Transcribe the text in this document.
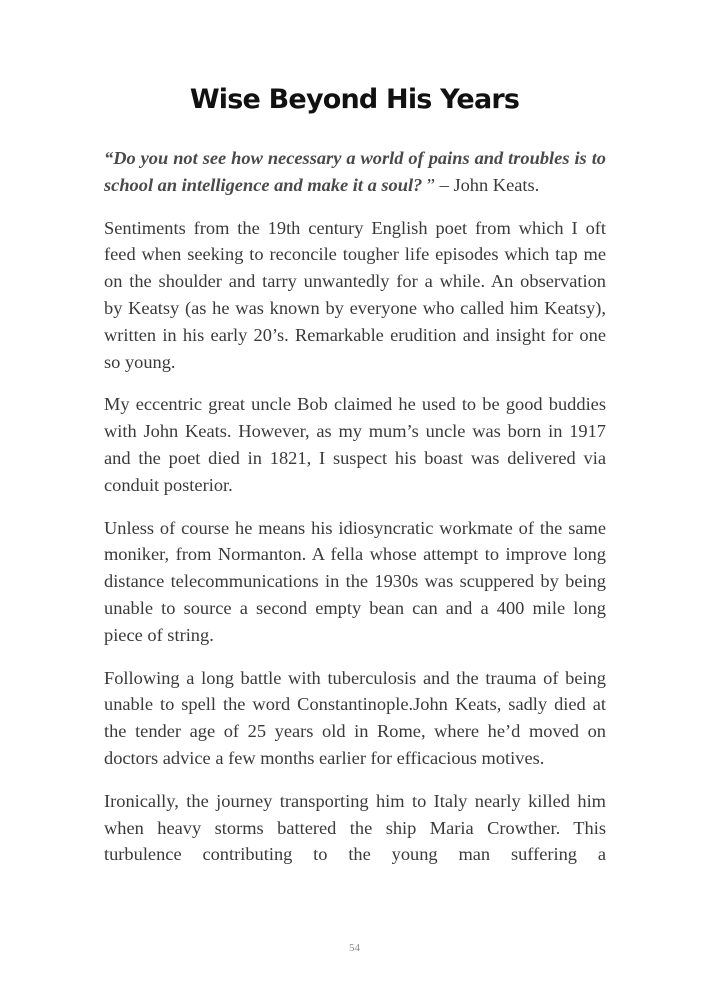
Wise Beyond His Years

“Do you not see how necessary a world of pains and troubles is to school an intelligence and make it a soul? ” – John Keats.

Sentiments from the 19th century English poet from which I oft feed when seeking to reconcile tougher life episodes which tap me on the shoulder and tarry unwantedly for a while. An observation by Keatsy (as he was known by everyone who called him Keatsy), written in his early 20’s. Remarkable erudition and insight for one so young.

My eccentric great uncle Bob claimed he used to be good buddies with John Keats. However, as my mum’s uncle was born in 1917 and the poet died in 1821, I suspect his boast was delivered via conduit posterior.

Unless of course he means his idiosyncratic workmate of the same moniker, from Normanton. A fella whose attempt to improve long distance telecommunications in the 1930s was scuppered by being unable to source a second empty bean can and a 400 mile long piece of string.

Following a long battle with tuberculosis and the trauma of being unable to spell the word Constantinople.John Keats, sadly died at the tender age of 25 years old in Rome, where he’d moved on doctors advice a few months earlier for efficacious motives.

Ironically, the journey transporting him to Italy nearly killed him when heavy storms battered the ship Maria Crowther. This turbulence contributing to the young man suffering a

54
